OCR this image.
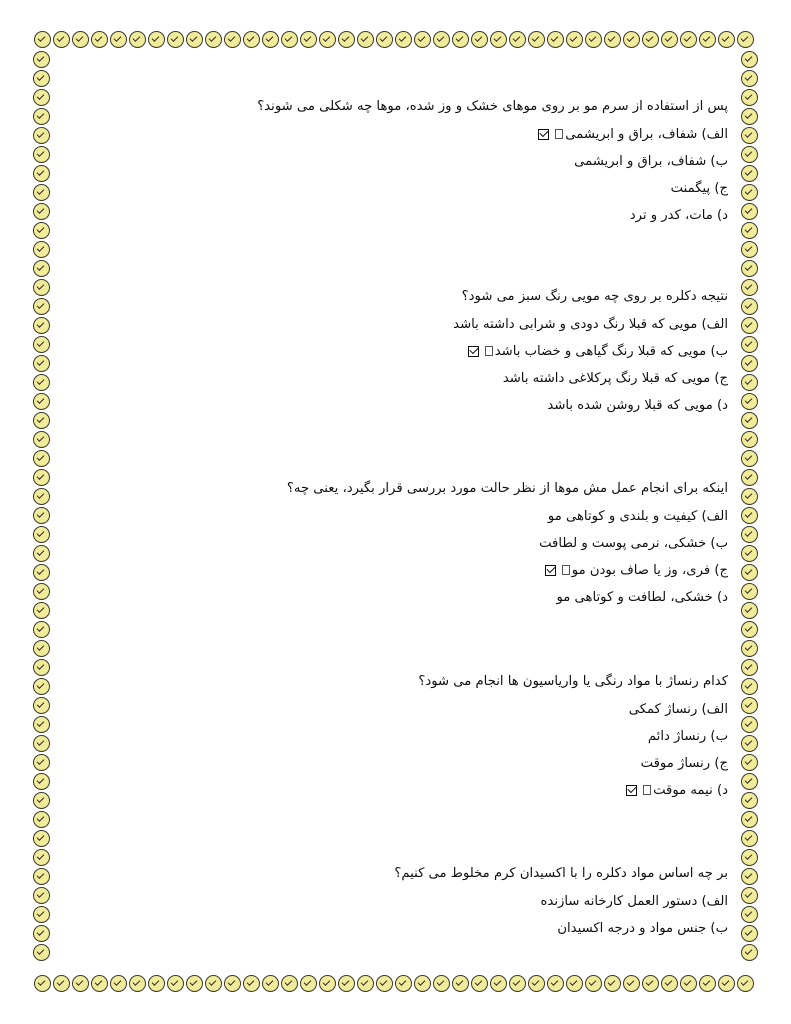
پس از استفاده از سرم مو بر روی موهای خشک و وز شده، موها چه شکلی می شوند؟
الف) شفاف، براق و ابریشمی
ب) شفاف، براق و ابریشمی
ج) پیگمنت
د) مات، کدر و ترد
نتیجه دکلره بر روی چه مویی رنگ سبز می شود؟
الف) مویی که قبلا رنگ دودی و شرابی داشته باشد
ب) مویی که قبلا رنگ گیاهی و خضاب باشد
ج) مویی که قبلا رنگ پرکلاغی داشته باشد
د) مویی که قبلا روشن شده باشد
اینکه برای انجام عمل مش موها از نظر حالت مورد بررسی قرار بگیرد، یعنی چه؟
الف) کیفیت و بلندی و کوتاهی مو
ب) خشکی، نرمی پوست و لطافت
ج) فری، وز یا صاف بودن مو
د) خشکی، لطافت و کوتاهی مو
کدام رنساژ با مواد رنگی یا واریاسیون ها انجام می شود؟
الف) رنساژ کمکی
ب) رنساژ دائم
ج) رنساژ موقت
د) نیمه موقت
بر چه اساس مواد دکلره را با اکسیدان کرم مخلوط می کنیم؟
الف) دستور العمل کارخانه سازنده
ب) جنس مواد و درجه اکسیدان
